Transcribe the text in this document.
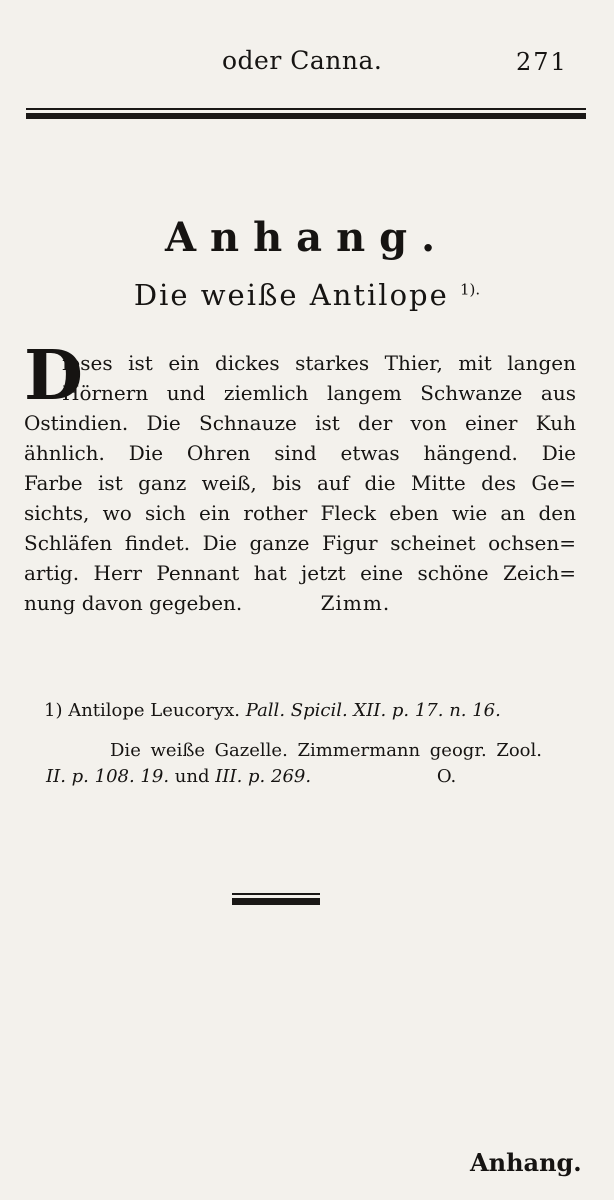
oder Canna.	271
Anhang.
Die weiße Antilope $^{1).}$
D
ieses ist ein dickes starkes Thier, mit langen
Hörnern und ziemlich langem Schwanze aus
Ostindien. Die Schnauze ist der von einer Kuh
ähnlich. Die Ohren sind etwas hängend. Die
Farbe ist ganz weiß, bis auf die Mitte des Ge=
sichts, wo sich ein rother Fleck eben wie an den
Schläfen findet. Die ganze Figur scheinet ochsen=
artig. Herr Pennant hat jetzt eine schöne Zeich=
nung davon gegeben.	Zimm.
1) Antilope Leucoryx. Pall. Spicil. XII. p. 17. n. 16.
Die weiße Gazelle. Zimmermann geogr. Zool.
II. p. 108. 19. und III. p. 269.	O.
Anhang.
